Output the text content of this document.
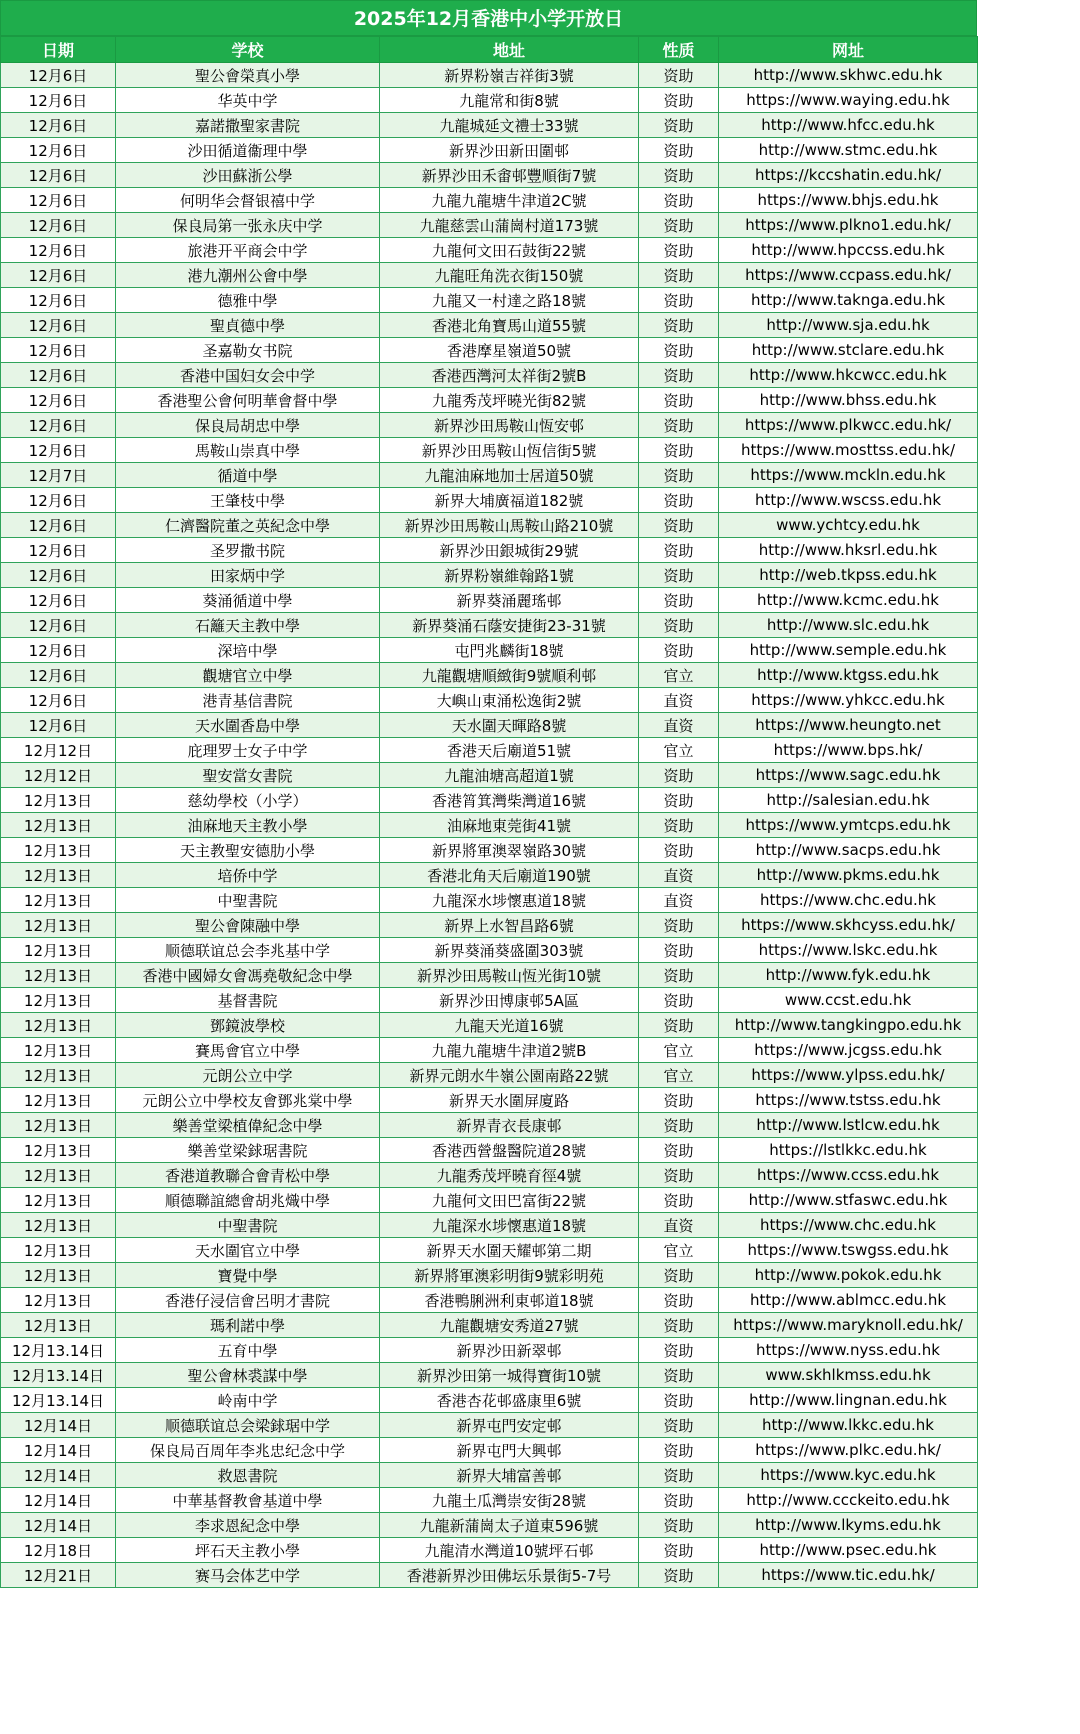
2025年12月香港中小学开放日
日期	学校	地址	性质	网址
12月6日	聖公會榮真小學	新界粉嶺吉祥街3號	资助	http://www.skhwc.edu.hk
12月6日	华英中学	九龍常和街8號	资助	https://www.waying.edu.hk
12月6日	嘉諾撒聖家書院	九龍城延文禮士33號	资助	http://www.hfcc.edu.hk
12月6日	沙田循道衞理中學	新界沙田新田圍邨	资助	http://www.stmc.edu.hk
12月6日	沙田蘇浙公學	新界沙田禾畬邨豐順街7號	资助	https://kccshatin.edu.hk/
12月6日	何明华会督银禧中学	九龍九龍塘牛津道2C號	资助	https://www.bhjs.edu.hk
12月6日	保良局第一张永庆中学	九龍慈雲山蒲崗村道173號	资助	https://www.plkno1.edu.hk/
12月6日	旅港开平商会中学	九龍何文田石鼓街22號	资助	http://www.hpccss.edu.hk
12月6日	港九潮州公會中學	九龍旺角洗衣街150號	资助	https://www.ccpass.edu.hk/
12月6日	德雅中學	九龍又一村達之路18號	资助	http://www.taknga.edu.hk
12月6日	聖貞德中學	香港北角寶馬山道55號	资助	http://www.sja.edu.hk
12月6日	圣嘉勒女书院	香港摩星嶺道50號	资助	http://www.stclare.edu.hk
12月6日	香港中国妇女会中学	香港西灣河太祥街2號B	资助	http://www.hkcwcc.edu.hk
12月6日	香港聖公會何明華會督中學	九龍秀茂坪曉光街82號	资助	http://www.bhss.edu.hk
12月6日	保良局胡忠中學	新界沙田馬鞍山恆安邨	资助	https://www.plkwcc.edu.hk/
12月6日	馬鞍山崇真中學	新界沙田馬鞍山恆信街5號	资助	https://www.mosttss.edu.hk/
12月7日	循道中學	九龍油麻地加士居道50號	资助	https://www.mckln.edu.hk
12月6日	王肇枝中學	新界大埔廣福道182號	资助	http://www.wscss.edu.hk
12月6日	仁濟醫院董之英紀念中學	新界沙田馬鞍山馬鞍山路210號	资助	www.ychtcy.edu.hk
12月6日	圣罗撒书院	新界沙田銀城街29號	资助	http://www.hksrl.edu.hk
12月6日	田家炳中学	新界粉嶺維翰路1號	资助	http://web.tkpss.edu.hk
12月6日	葵涌循道中學	新界葵涌麗瑤邨	资助	http://www.kcmc.edu.hk
12月6日	石籬天主教中學	新界葵涌石蔭安捷街23-31號	资助	http://www.slc.edu.hk
12月6日	深培中學	屯門兆麟街18號	资助	http://www.semple.edu.hk
12月6日	觀塘官立中學	九龍觀塘順緻街9號順利邨	官立	http://www.ktgss.edu.hk
12月6日	港青基信書院	大嶼山東涌松逸街2號	直资	https://www.yhkcc.edu.hk
12月6日	天水圍香島中學	天水圍天暉路8號	直资	https://www.heungto.net
12月12日	庇理罗士女子中学	香港天后廟道51號	官立	https://www.bps.hk/
12月12日	聖安當女書院	九龍油塘高超道1號	资助	https://www.sagc.edu.hk
12月13日	慈幼學校（小学）	香港筲箕灣柴灣道16號	资助	http://salesian.edu.hk
12月13日	油麻地天主教小學	油麻地東莞街41號	资助	https://www.ymtcps.edu.hk
12月13日	天主教聖安德肋小學	新界將軍澳翠嶺路30號	资助	http://www.sacps.edu.hk
12月13日	培侨中学	香港北角天后廟道190號	直资	http://www.pkms.edu.hk
12月13日	中聖書院	九龍深水埗懷惠道18號	直资	https://www.chc.edu.hk
12月13日	聖公會陳融中學	新界上水智昌路6號	资助	https://www.skhcyss.edu.hk/
12月13日	顺德联谊总会李兆基中学	新界葵涌葵盛圍303號	资助	https://www.lskc.edu.hk
12月13日	香港中國婦女會馮堯敬紀念中學	新界沙田馬鞍山恆光街10號	资助	http://www.fyk.edu.hk
12月13日	基督書院	新界沙田博康邨5A區	资助	www.ccst.edu.hk
12月13日	鄧鏡波學校	九龍天光道16號	资助	http://www.tangkingpo.edu.hk
12月13日	賽馬會官立中學	九龍九龍塘牛津道2號B	官立	https://www.jcgss.edu.hk
12月13日	元朗公立中学	新界元朗水牛嶺公園南路22號	官立	https://www.ylpss.edu.hk/
12月13日	元朗公立中學校友會鄧兆棠中學	新界天水圍屏廈路	资助	https://www.tstss.edu.hk
12月13日	樂善堂梁植偉紀念中學	新界青衣長康邨	资助	http://www.lstlcw.edu.hk
12月13日	樂善堂梁銶琚書院	香港西營盤醫院道28號	资助	https://lstlkkc.edu.hk
12月13日	香港道教聯合會青松中學	九龍秀茂坪曉育徑4號	资助	https://www.ccss.edu.hk
12月13日	順德聯誼總會胡兆熾中學	九龍何文田巴富街22號	资助	http://www.stfaswc.edu.hk
12月13日	中聖書院	九龍深水埗懷惠道18號	直资	https://www.chc.edu.hk
12月13日	天水圍官立中學	新界天水圍天耀邨第二期	官立	https://www.tswgss.edu.hk
12月13日	寶覺中學	新界將軍澳彩明街9號彩明苑	资助	http://www.pokok.edu.hk
12月13日	香港仔浸信會呂明才書院	香港鴨脷洲利東邨道18號	资助	http://www.ablmcc.edu.hk
12月13日	瑪利諾中學	九龍觀塘安秀道27號	资助	https://www.maryknoll.edu.hk/
12月13.14日	五育中學	新界沙田新翠邨	资助	https://www.nyss.edu.hk
12月13.14日	聖公會林裘謀中學	新界沙田第一城得寶街10號	资助	www.skhlkmss.edu.hk
12月13.14日	岭南中学	香港杏花邨盛康里6號	资助	http://www.lingnan.edu.hk
12月14日	顺德联谊总会梁銶琚中学	新界屯門安定邨	资助	http://www.lkkc.edu.hk
12月14日	保良局百周年李兆忠纪念中学	新界屯門大興邨	资助	https://www.plkc.edu.hk/
12月14日	救恩書院	新界大埔富善邨	资助	https://www.kyc.edu.hk
12月14日	中華基督教會基道中學	九龍土瓜灣崇安街28號	资助	http://www.ccckeito.edu.hk
12月14日	李求恩紀念中學	九龍新蒲崗太子道東596號	资助	http://www.lkyms.edu.hk
12月18日	坪石天主教小學	九龍清水灣道10號坪石邨	资助	http://www.psec.edu.hk
12月21日	赛马会体艺中学	香港新界沙田佛坛乐景街5-7号	资助	https://www.tic.edu.hk/
